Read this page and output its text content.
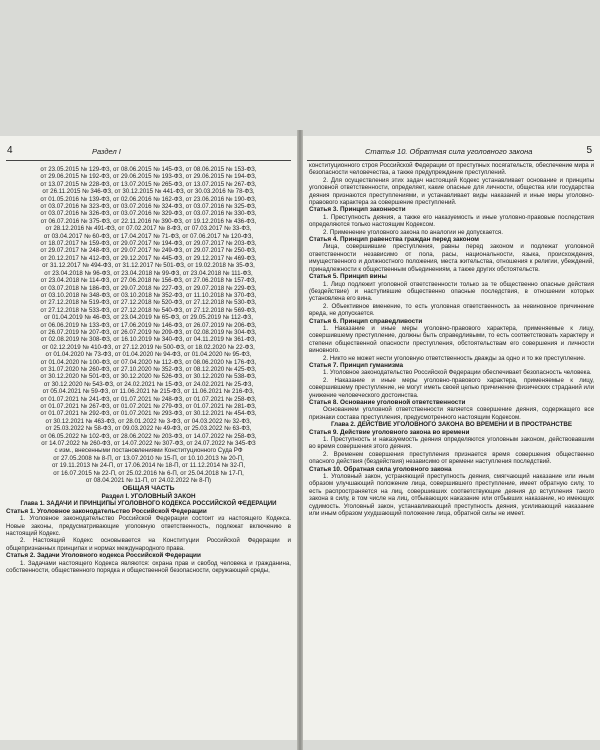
4	Раздел I

от 23.05.2015 № 129-ФЗ, от 08.06.2015 № 145-ФЗ, от 08.06.2015 № 153-ФЗ,

от 29.06.2015 № 192-ФЗ, от 29.06.2015 № 193-ФЗ, от 29.06.2015 № 194-ФЗ,

от 13.07.2015 № 228-ФЗ, от 13.07.2015 № 265-ФЗ, от 13.07.2015 № 267-ФЗ,

от 26.11.2015 № 346-ФЗ, от 30.12.2015 № 441-ФЗ, от 30.03.2016 № 78-ФЗ,

от 01.05.2016 № 139-ФЗ, от 02.06.2016 № 162-ФЗ, от 23.06.2016 № 190-ФЗ,

от 03.07.2016 № 323-ФЗ, от 03.07.2016 № 324-ФЗ, от 03.07.2016 № 325-ФЗ,

от 03.07.2016 № 326-ФЗ, от 03.07.2016 № 329-ФЗ, от 03.07.2016 № 330-ФЗ,

от 06.07.2016 № 375-ФЗ, от 22.11.2016 № 390-ФЗ, от 19.12.2016 № 436-ФЗ,

от 28.12.2016 № 491-ФЗ, от 07.02.2017 № 8-ФЗ, от 07.03.2017 № 33-ФЗ,

от 03.04.2017 № 60-ФЗ, от 17.04.2017 № 71-ФЗ, от 07.06.2017 № 120-ФЗ,

от 18.07.2017 № 159-ФЗ, от 29.07.2017 № 194-ФЗ, от 29.07.2017 № 203-ФЗ,

от 29.07.2017 № 248-ФЗ, от 29.07.2017 № 249-ФЗ, от 29.07.2017 № 250-ФЗ,

от 20.12.2017 № 412-ФЗ, от 29.12.2017 № 445-ФЗ, от 29.12.2017 № 469-ФЗ,

от 31.12.2017 № 494-ФЗ, от 31.12.2017 № 501-ФЗ, от 19.02.2018 № 35-ФЗ,

от 23.04.2018 № 96-ФЗ, от 23.04.2018 № 99-ФЗ, от 23.04.2018 № 111-ФЗ,

от 23.04.2018 № 114-ФЗ, от 27.06.2018 № 156-ФЗ, от 27.06.2018 № 157-ФЗ,

от 03.07.2018 № 186-ФЗ, от 29.07.2018 № 227-ФЗ, от 29.07.2018 № 229-ФЗ,

от 03.10.2018 № 348-ФЗ, от 03.10.2018 № 352-ФЗ, от 11.10.2018 № 370-ФЗ,

от 27.12.2018 № 519-ФЗ, от 27.12.2018 № 520-ФЗ, от 27.12.2018 № 530-ФЗ,

от 27.12.2018 № 533-ФЗ, от 27.12.2018 № 540-ФЗ, от 27.12.2018 № 569-ФЗ,

от 01.04.2019 № 46-ФЗ, от 23.04.2019 № 65-ФЗ, от 29.05.2019 № 112-ФЗ,

от 06.06.2019 № 133-ФЗ, от 17.06.2019 № 146-ФЗ, от 26.07.2019 № 206-ФЗ,

от 26.07.2019 № 207-ФЗ, от 26.07.2019 № 209-ФЗ, от 02.08.2019 № 304-ФЗ,

от 02.08.2019 № 308-ФЗ, от 16.10.2019 № 340-ФЗ, от 04.11.2019 № 361-ФЗ,

от 02.12.2019 № 410-ФЗ, от 27.12.2019 № 500-ФЗ, от 18.02.2020 № 22-ФЗ,

от 01.04.2020 № 73-ФЗ, от 01.04.2020 № 94-ФЗ, от 01.04.2020 № 95-ФЗ,

от 01.04.2020 № 100-ФЗ, от 07.04.2020 № 112-ФЗ, от 08.06.2020 № 176-ФЗ,

от 31.07.2020 № 260-ФЗ, от 27.10.2020 № 352-ФЗ, от 08.12.2020 № 425-ФЗ,

от 30.12.2020 № 501-ФЗ, от 30.12.2020 № 526-ФЗ, от 30.12.2020 № 538-ФЗ,

от 30.12.2020 № 543-ФЗ, от 24.02.2021 № 15-ФЗ, от 24.02.2021 № 25-ФЗ,

от 05.04.2021 № 59-ФЗ, от 11.06.2021 № 215-ФЗ, от 11.06.2021 № 216-ФЗ,

от 01.07.2021 № 241-ФЗ, от 01.07.2021 № 248-ФЗ, от 01.07.2021 № 258-ФЗ,

от 01.07.2021 № 267-ФЗ, от 01.07.2021 № 279-ФЗ, от 01.07.2021 № 281-ФЗ,

от 01.07.2021 № 292-ФЗ, от 01.07.2021 № 293-ФЗ, от 30.12.2021 № 454-ФЗ,

от 30.12.2021 № 463-ФЗ, от 28.01.2022 № 3-ФЗ, от 04.03.2022 № 32-ФЗ,

от 25.03.2022 № 58-ФЗ, от 09.03.2022 № 49-ФЗ, от 25.03.2022 № 63-ФЗ,

от 06.05.2022 № 102-ФЗ, от 28.06.2022 № 203-ФЗ, от 14.07.2022 № 258-ФЗ,

от 14.07.2022 № 260-ФЗ, от 14.07.2022 № 307-ФЗ, от 24.07.2022 № 345-ФЗ

с изм., внесенными постановлениями Конституционного Суда РФ

от 27.05.2008 № 8-П, от 13.07.2010 № 15-П, от 10.10.2013 № 20-П,

от 19.11.2013 № 24-П, от 17.06.2014 № 18-П, от 11.12.2014 № 32-П,

от 16.07.2015 № 22-П, от 25.02.2016 № 6-П, от 25.04.2018 № 17-П,

от 08.04.2021 № 11-П, от 24.02.2022 № 8-П)

ОБЩАЯ ЧАСТЬ

Раздел I. УГОЛОВНЫЙ ЗАКОН

Глава 1. ЗАДАЧИ И ПРИНЦИПЫ УГОЛОВНОГО КОДЕКСА РОССИЙСКОЙ ФЕДЕРАЦИИ

Статья 1. Уголовное законодательство Российской Федерации

1. Уголовное законодательство Российской Федерации состоит из настоящего Кодекса. Новые законы, предусматривающие уголовную ответственность, подлежат включению в настоящий Кодекс.

2. Настоящий Кодекс основывается на Конституции Российской Федерации и общепризнанных принципах и нормах международного права.

Статья 2. Задачи Уголовного кодекса Российской Федерации

1. Задачами настоящего Кодекса являются: охрана прав и свобод человека и гражданина, собственности, общественного порядка и общественной безопасности, окружающей среды,

Статья 10. Обратная сила уголовного закона	5

конституционного строя Российской Федерации от преступных посягательств, обеспечение мира и безопасности человечества, а также предупреждение преступлений.

2. Для осуществления этих задач настоящий Кодекс устанавливает основание и принципы уголовной ответственности, определяет, какие опасные для личности, общества или государства деяния признаются преступлениями, и устанавливает виды наказаний и иные меры уголовно-правового характера за совершение преступлений.

Статья 3. Принцип законности

1. Преступность деяния, а также его наказуемость и иные уголовно-правовые последствия определяются только настоящим Кодексом.

2. Применение уголовного закона по аналогии не допускается.

Статья 4. Принцип равенства граждан перед законом

Лица, совершившие преступления, равны перед законом и подлежат уголовной ответственности независимо от пола, расы, национальности, языка, происхождения, имущественного и должностного положения, места жительства, отношения к религии, убеждений, принадлежности к общественным объединениям, а также других обстоятельств.

Статья 5. Принцип вины

1. Лицо подлежит уголовной ответственности только за те общественно опасные действия (бездействие) и наступившие общественно опасные последствия, в отношении которых установлена его вина.

2. Объективное вменение, то есть уголовная ответственность за невиновное причинение вреда, не допускается.

Статья 6. Принцип справедливости

1. Наказание и иные меры уголовно-правового характера, применяемые к лицу, совершившему преступление, должны быть справедливыми, то есть соответствовать характеру и степени общественной опасности преступления, обстоятельствам его совершения и личности виновного.

2. Никто не может нести уголовную ответственность дважды за одно и то же преступление.

Статья 7. Принцип гуманизма

1. Уголовное законодательство Российской Федерации обеспечивает безопасность человека.

2. Наказание и иные меры уголовно-правового характера, применяемые к лицу, совершившему преступление, не могут иметь своей целью причинение физических страданий или унижение человеческого достоинства.

Статья 8. Основание уголовной ответственности

Основанием уголовной ответственности является совершение деяния, содержащего все признаки состава преступления, предусмотренного настоящим Кодексом.

Глава 2. ДЕЙСТВИЕ УГОЛОВНОГО ЗАКОНА ВО ВРЕМЕНИ И В ПРОСТРАНСТВЕ

Статья 9. Действие уголовного закона во времени

1. Преступность и наказуемость деяния определяются уголовным законом, действовавшим во время совершения этого деяния.

2. Временем совершения преступления признается время совершения общественно опасного действия (бездействия) независимо от времени наступления последствий.

Статья 10. Обратная сила уголовного закона

1. Уголовный закон, устраняющий преступность деяния, смягчающий наказание или иным образом улучшающий положение лица, совершившего преступление, имеет обратную силу, то есть распространяется на лиц, совершивших соответствующие деяния до вступления такого закона в силу, в том числе на лиц, отбывающих наказание или отбывших наказание, но имеющих судимость. Уголовный закон, устанавливающий преступность деяния, усиливающий наказание или иным образом ухудшающий положение лица, обратной силы не имеет.
